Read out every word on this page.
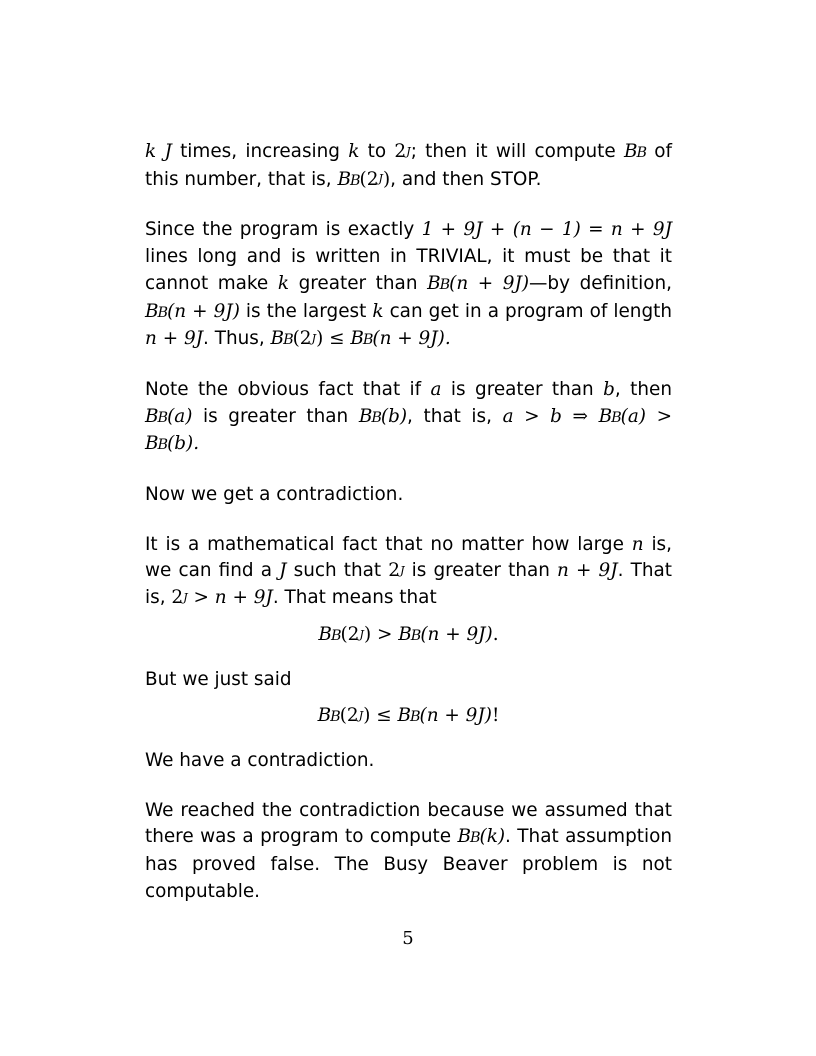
k J times, increasing k to $2^J$; then it will compute BB of this number, that is, $BB(2^J)$, and then STOP.

Since the program is exactly 1 + 9J + (n − 1) = n + 9J lines long and is written in TRIVIAL, it must be that it cannot make k greater than BB(n + 9J)—by definition, BB(n + 9J) is the largest k can get in a program of length n + 9J. Thus, $BB(2^J) \le BB(n + 9J)$.

Note the obvious fact that if a is greater than b, then BB(a) is greater than BB(b), that is, a > b ⇒ BB(a) > BB(b).

Now we get a contradiction.

It is a mathematical fact that no matter how large n is, we can find a J such that $2^J$ is greater than n + 9J. That is, $2^J > n + 9J$. That means that

$BB(2^J) > BB(n + 9J)$.

But we just said

$BB(2^J) \le BB(n + 9J)$!

We have a contradiction.

We reached the contradiction because we assumed that there was a program to compute BB(k). That assumption has proved false. The Busy Beaver problem is not computable.

5
